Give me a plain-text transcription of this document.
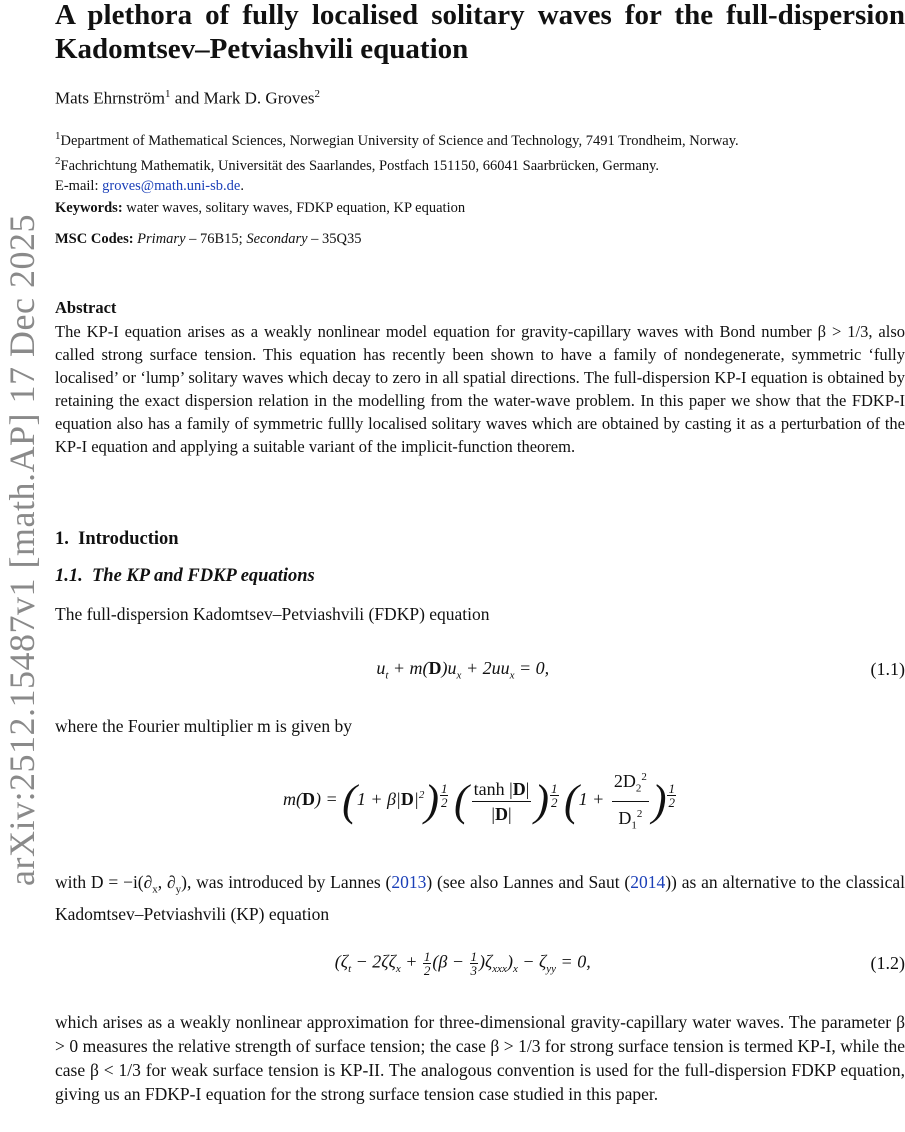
arXiv:2512.15487v1 [math.AP] 17 Dec 2025
A plethora of fully localised solitary waves for the full-dispersion Kadomtsev–Petviashvili equation
Mats Ehrnström$^1$ and Mark D. Groves$^2$
$^1$Department of Mathematical Sciences, Norwegian University of Science and Technology, 7491 Trondheim, Norway.
$^2$Fachrichtung Mathematik, Universität des Saarlandes, Postfach 151150, 66041 Saarbrücken, Germany.
E-mail: groves@math.uni-sb.de.
Keywords: water waves, solitary waves, FDKP equation, KP equation
MSC Codes: Primary – 76B15; Secondary – 35Q35
Abstract

The KP-I equation arises as a weakly nonlinear model equation for gravity-capillary waves with Bond number β > 1/3, also called strong surface tension. This equation has recently been shown to have a family of nondegenerate, symmetric ‘fully localised’ or ‘lump’ solitary waves which decay to zero in all spatial directions. The full-dispersion KP-I equation is obtained by retaining the exact dispersion relation in the modelling from the water-wave problem. In this paper we show that the FDKP-I equation also has a family of symmetric fullly localised solitary waves which are obtained by casting it as a perturbation of the KP-I equation and applying a suitable variant of the implicit-function theorem.

1. Introduction
1.1. The KP and FDKP equations

The full-dispersion Kadomtsev–Petviashvili (FDKP) equation

$u_t + m(D)u_x + 2uu_x = 0$,	(1.1)

where the Fourier multiplier m is given by

$m(D) = (1 + \beta|D|^2)$ $^{\frac{1}{2}}$ ( $\frac{\tanh |D|}{|D|}$ ) $^{\frac{1}{2}}$ ($1 + \frac{2D_2^2}{D_1^2}$ ) $^{\frac{1}{2}}$

with $D = -i(\partial_x$, $\partial_y$), was introduced by Lannes (2013) (see also Lannes and Saut (2014)) as an alternative to the classical Kadomtsev–Petviashvili (KP) equation

$(\zeta_t - 2\zeta\zeta_x + \frac{1}{2} (\beta - \frac{1}{3} )\zeta_{xxx})_x - \zeta_{yy} = 0$,	(1.2)

which arises as a weakly nonlinear approximation for three-dimensional gravity-capillary water waves. The parameter β > 0 measures the relative strength of surface tension; the case β > 1/3 for strong surface tension is termed KP-I, while the case β < 1/3 for weak surface tension is KP-II. The analogous convention is used for the full-dispersion FDKP equation, giving us an FDKP-I equation for the strong surface tension case studied in this paper.
